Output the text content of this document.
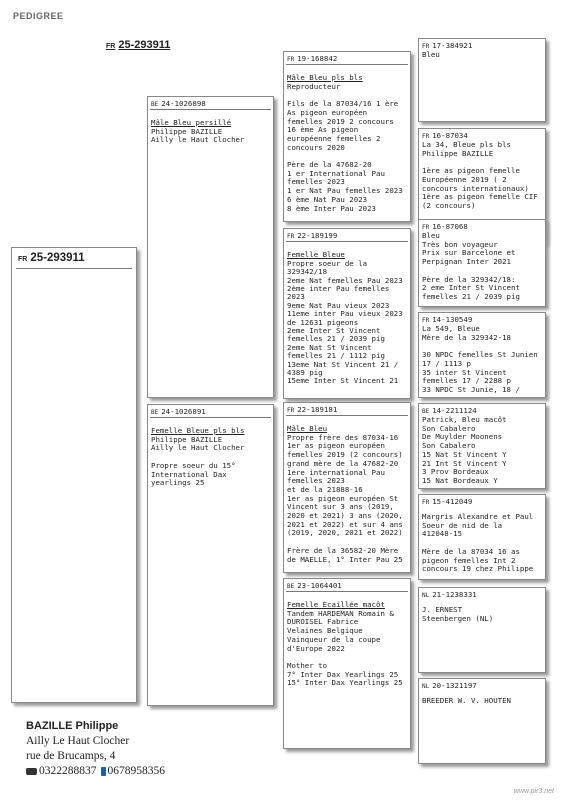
PEDIGREE
FR 25-293911
FR 25-293911
BE 24-1026898
Mâle Bleu persillé
Philippe BAZILLE
Ailly le Haut Clocher
BE 24-1026891
Femelle Bleue pls bls
Philippe BAZILLE
Ailly le Haut Clocher

Propre soeur du 15°
International Dax
yearlings 25
FR 19-168842
Mâle Bleu pls bls
Reproducteur

Fils de la 87034/16 1 ère
As pigeon européen
femelles 2019 2 concours
16 ème As pigeon
européenne femelles 2
concours 2020

Père de la 47682-20
1 er International Pau
femelles 2023
1 er Nat Pau femelles 2023
6 ème Nat Pau 2023
8 ème Inter Pau 2023
FR 22-189199
Femelle Bleue
Propre soeur de la
329342/18
2eme Nat femelles Pau 2023
2ème inter Pau femelles
2023
9eme Nat Pau vieux 2023
11eme inter Pau vieux 2023
de 12631 pigeons
2eme Inter St Vincent
femelles 21 / 2039 pig
2eme Nat St Vincent
femelles 21 / 1112 pig
13eme Nat St Vincent 21 /
4389 pig
15eme Inter St Vincent 21
FR 22-189181
Mâle Bleu
Propre frère des 87034-16
1er as pigeon européen
femelles 2019 (2 concours)
grand mère de la 47682-20
1ere international Pau
femelles 2023
et de la 21888-16
1er as pigeon européen St
Vincent sur 3 ans (2019,
2020 et 2021) 3 ans (2020,
2021 et 2022) et sur 4 ans
(2019, 2020, 2021 et 2022)

Frère de la 36582-20 Mère
de MAELLE, 1° Inter Pau 25
BE 23-1064401
Femelle Écaillée macôt
Tandem HARDEMAN Romain &
DUROISEL Fabrice
Velaines Belgique
Vainqueur de la coupe
d'Europe 2022

Mother to
7° Inter Dax Yearlings 25
15° Inter Dax Yearlings 25
FR 17-384921
Bleu
FR 16-87034
La 34, Bleue pls bls
Philippe BAZILLE

1ère as pigeon femelle
Européenne 2019 ( 2
concours internationaux)
1ère as pigeon femelle CIF
(2 concours)
FR 16-87068
Bleu
Très bon voyageur
Prix sur Barcelone et
Perpignan Inter 2021

Père de la 329342/18:
2 eme Inter St Vincent
femelles 21 / 2039 pig
FR 14-130549
La 549, Bleue
Mère de la 329342-18

30 NPDC femelles St Junien
17 / 1113 p
35 inter St Vincent
femelles 17 / 2288 p
33 NPDC St Junie, 18 /
BE 14-2211124
Patrick, Bleu macôt
Son Cabalero
De Muylder Moonens
Son Cabalero
15 Nat St Vincent Y
21 Int St Vincent Y
3 Prov Bordeaux
15 Nat Bordeaux Y
FR 15-412049
Margris Alexandre et Paul
Soeur de nid de la
412048-15

Mère de la 87034 16 as
pigeon femelles Int 2
concours 19 chez Philippe
NL 21-1238331
J. ERNEST
Steenbergen (NL)
NL 20-1321197
BREEDER W. V. HOUTEN
BAZILLE Philippe
Ailly Le Haut Clocher
rue de Brucamps, 4
0322288837 0678958356
www.pir3.net
